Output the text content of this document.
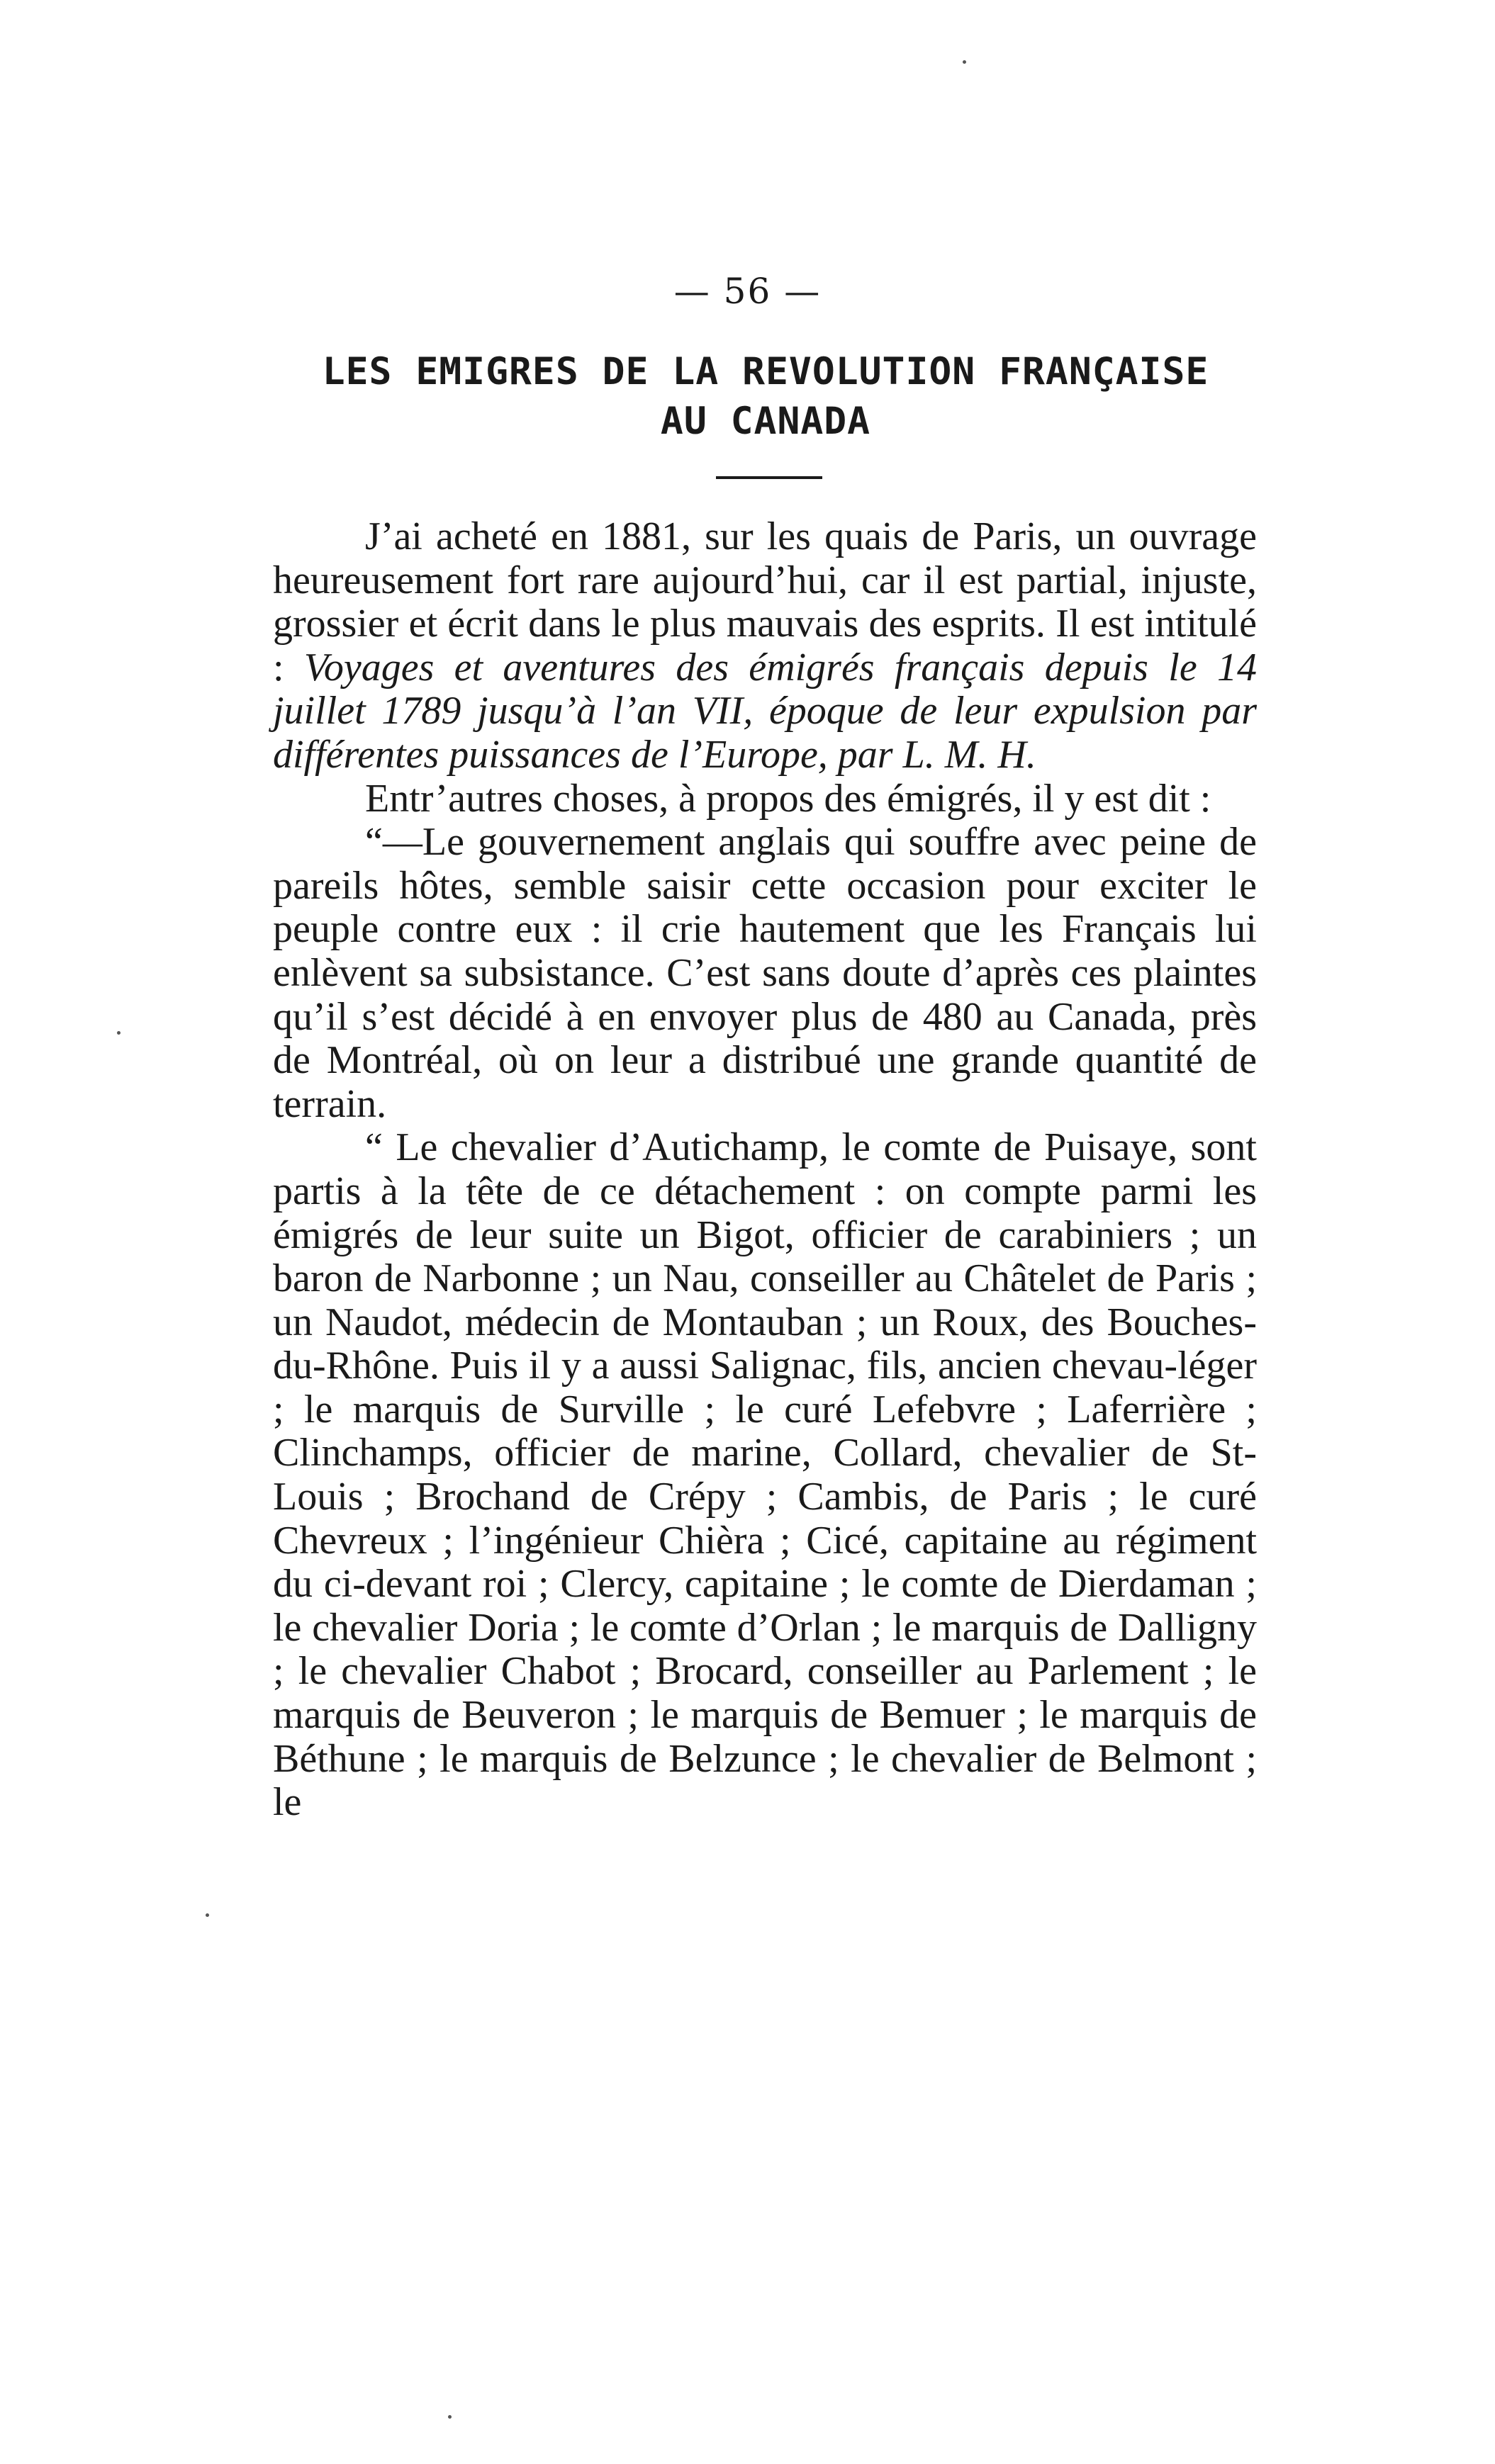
— 56 —
LES EMIGRES DE LA REVOLUTION FRANÇAISE
AU CANADA

J’ai acheté en 1881, sur les quais de Paris, un ouvrage heureusement fort rare aujourd’hui, car il est partial, injuste, grossier et écrit dans le plus mauvais des esprits. Il est intitulé : Voyages et aventures des émigrés français depuis le 14 juillet 1789 jusqu’à l’an VII, époque de leur expulsion par différentes puissances de l’Europe, par L. M. H.

Entr’autres choses, à propos des émigrés, il y est dit :

“—Le gouvernement anglais qui souffre avec peine de pareils hôtes, semble saisir cette occasion pour exciter le peuple contre eux : il crie hautement que les Français lui enlèvent sa subsistance. C’est sans doute d’après ces plaintes qu’il s’est décidé à en envoyer plus de 480 au Canada, près de Montréal, où on leur a distribué une grande quantité de terrain.

“ Le chevalier d’Autichamp, le comte de Puisaye, sont partis à la tête de ce détachement : on compte parmi les émigrés de leur suite un Bigot, officier de carabiniers ; un baron de Narbonne ; un Nau, conseiller au Châtelet de Paris ; un Naudot, médecin de Montauban ; un Roux, des Bouches-du-Rhône. Puis il y a aussi Salignac, fils, ancien chevau-léger ; le marquis de Surville ; le curé Lefebvre ; Laferrière ; Clinchamps, officier de marine, Collard, chevalier de St-Louis ; Brochand de Crépy ; Cambis, de Paris ; le curé Chevreux ; l’ingénieur Chièra ; Cicé, capitaine au régiment du ci-devant roi ; Clercy, capitaine ; le comte de Dierdaman ; le chevalier Doria ; le comte d’Orlan ; le marquis de Dalligny ; le chevalier Chabot ; Brocard, conseiller au Parlement ; le marquis de Beuveron ; le marquis de Bemuer ; le marquis de Béthune ; le marquis de Belzunce ; le chevalier de Belmont ; le
